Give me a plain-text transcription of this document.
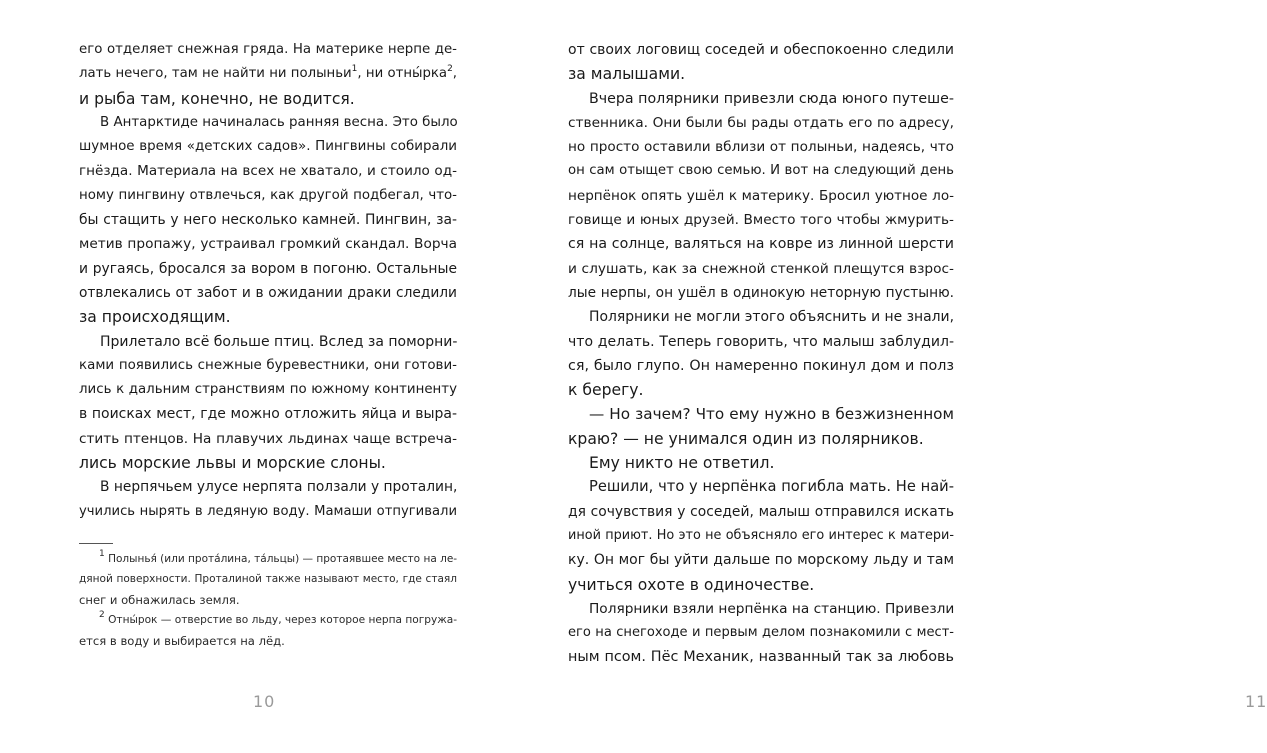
его отделяет снежная гряда. На материке нерпе де-
лать нечего, там не найти ни полыньи$^1$, ни отны́рка$^2$,
и рыба там, конечно, не водится.
В Антарктиде начиналась ранняя весна. Это было
шумное время «детских садов». Пингвины собирали
гнёзда. Материала на всех не хватало, и стоило од-
ному пингвину отвлечься, как другой подбегал, что-
бы стащить у него несколько камней. Пингвин, за-
метив пропажу, устраивал громкий скандал. Ворча
и ругаясь, бросался за вором в погоню. Остальные
отвлекались от забот и в ожидании драки следили
за происходящим.
Прилетало всё больше птиц. Вслед за поморни-
ками появились снежные буревестники, они готови-
лись к дальним странствиям по южному континенту
в поисках мест, где можно отложить яйца и выра-
стить птенцов. На плавучих льдинах чаще встреча-
лись морские львы и морские слоны.
В нерпячьем улусе нерпята ползали у проталин,
учились нырять в ледяную воду. Мамаши отпугивали
$^1$ Полынья́ (или прота́лина, та́льцы) — протаявшее место на ле-
дяной поверхности. Проталиной также называют место, где стаял
снег и обнажилась земля.
$^2$ Отны́рок — отверстие во льду, через которое нерпа погружа-
ется в воду и выбирается на лёд.
10
от своих логовищ соседей и обеспокоенно следили
за малышами.
Вчера полярники привезли сюда юного путеше-
ственника. Они были бы рады отдать его по адресу,
но просто оставили вблизи от полыньи, надеясь, что
он сам отыщет свою семью. И вот на следующий день
нерпёнок опять ушёл к материку. Бросил уютное ло-
говище и юных друзей. Вместо того чтобы жмурить-
ся на солнце, валяться на ковре из линной шерсти
и слушать, как за снежной стенкой плещутся взрос-
лые нерпы, он ушёл в одинокую неторную пустыню.
Полярники не могли этого объяснить и не знали,
что делать. Теперь говорить, что малыш заблудил-
ся, было глупо. Он намеренно покинул дом и полз
к берегу.
— Но зачем? Что ему нужно в безжизненном
краю? — не унимался один из полярников.
Ему никто не ответил.
Решили, что у нерпёнка погибла мать. Не най-
дя сочувствия у соседей, малыш отправился искать
иной приют. Но это не объясняло его интерес к матери-
ку. Он мог бы уйти дальше по морскому льду и там
учиться охоте в одиночестве.
Полярники взяли нерпёнка на станцию. Привезли
его на снегоходе и первым делом познакомили с мест-
ным псом. Пёс Механик, названный так за любовь
11
